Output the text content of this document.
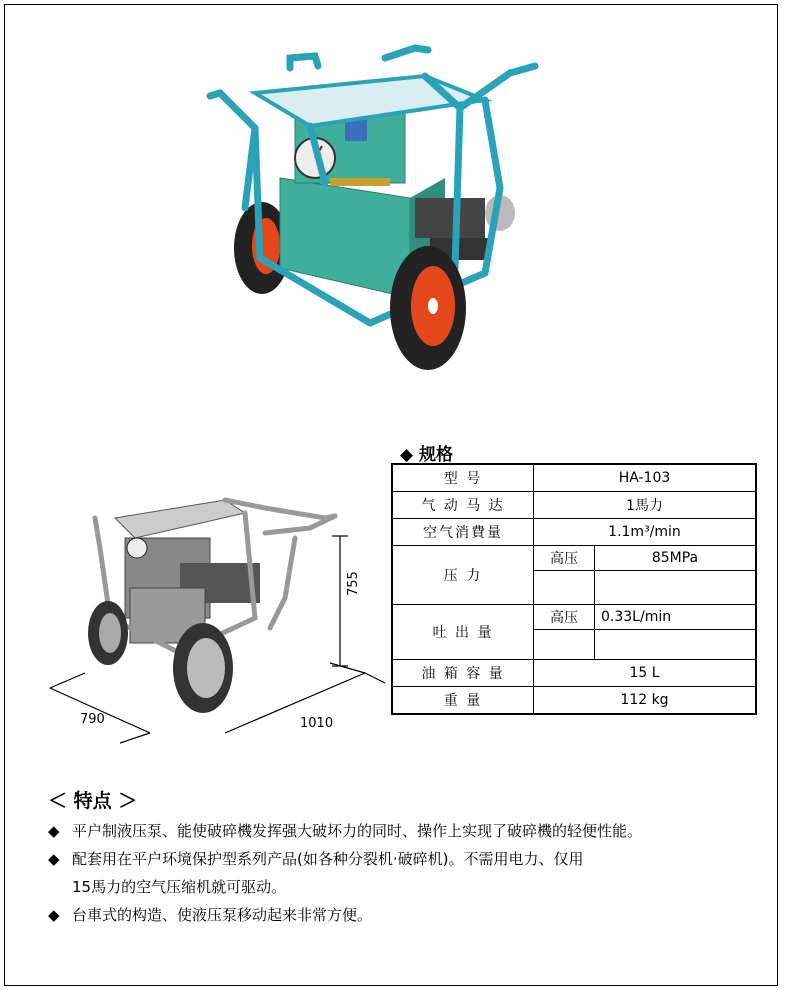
755
790	1010
◆ 规格
型 号	HA-103	
气 动 马 达	1馬力	
空气消費量	1.1m³/min	
压 力	高压	85MPa

吐 出 量	高压	0.33L/min

油 箱 容 量	15 L	
重 量	112 kg	
＜ 特点 ＞
◆ 平户制液压泵、能使破碎機发挥强大破坏力的同时、操作上实现了破碎機的轻便性能。
◆ 配套用在平户环境保护型系列产品(如各种分裂机·破碎机)。不需用电力、仅用
15馬力的空气压缩机就可驱动。
◆ 台車式的构造、使液压泵移动起来非常方便。
